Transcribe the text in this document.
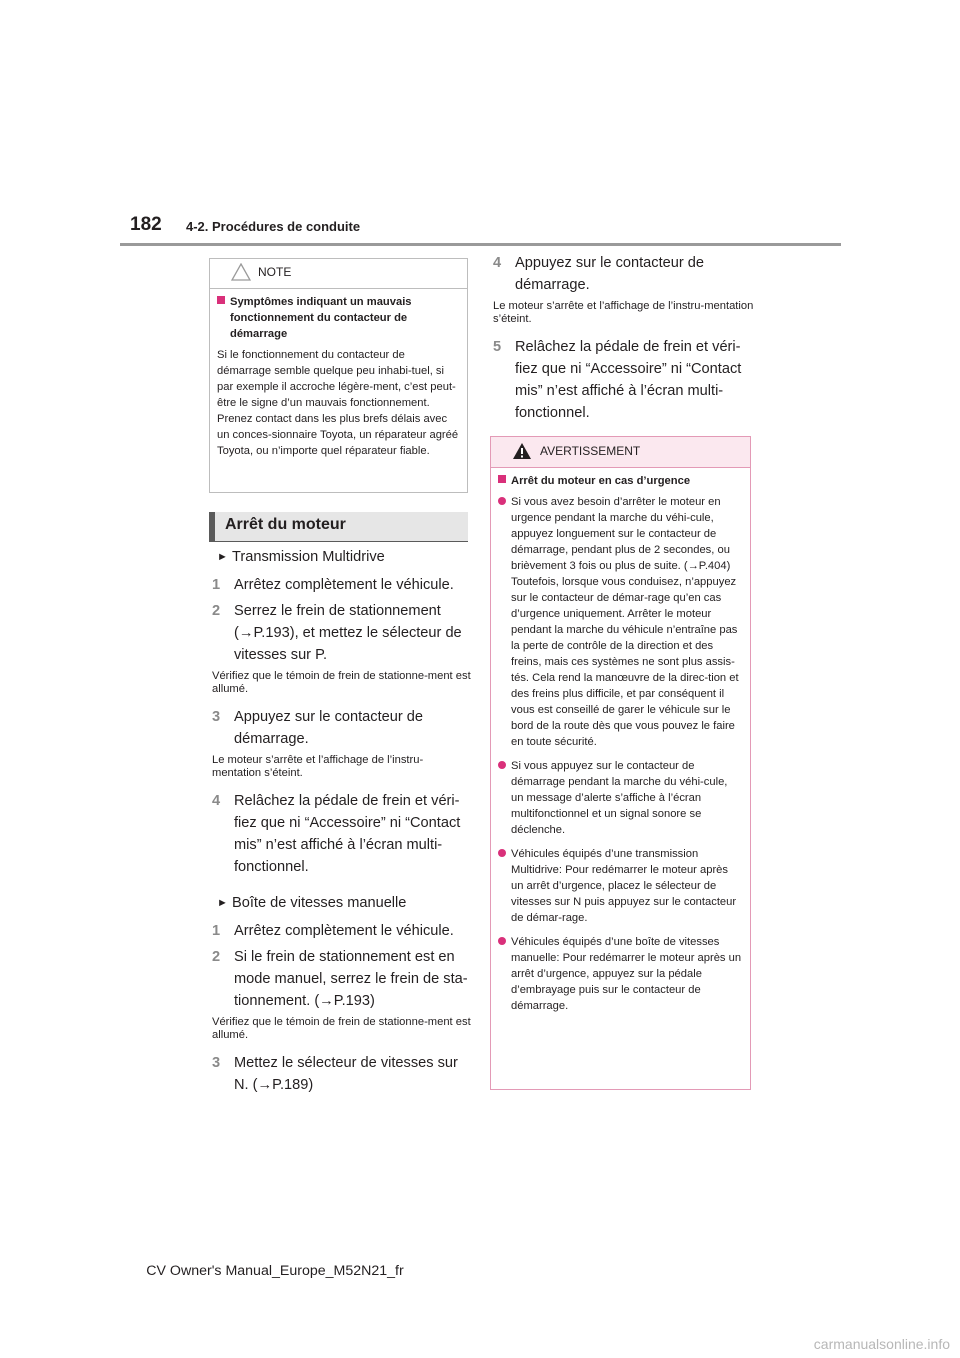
182 4-2. Procédures de conduite
NOTE
Symptômes indiquant un mauvais fonctionnement du contacteur de démarrage
Si le fonctionnement du contacteur de démarrage semble quelque peu inhabi-tuel, si par exemple il accroche légère-ment, c’est peut-être le signe d’un mauvais fonctionnement. Prenez contact dans les plus brefs délais avec un conces-sionnaire Toyota, un réparateur agréé Toyota, ou n’importe quel réparateur fiable.
Arrêt du moteur
► Transmission Multidrive
1 Arrêtez complètement le véhicule.
2 Serrez le frein de stationnement (→P.193), et mettez le sélecteur de vitesses sur P.
Vérifiez que le témoin de frein de stationne-ment est allumé.
3 Appuyez sur le contacteur de démarrage.
Le moteur s’arrête et l’affichage de l’instru-mentation s’éteint.
4 Relâchez la pédale de frein et véri-fiez que ni “Accessoire” ni “Contact mis” n’est affiché à l’écran multi-fonctionnel.
► Boîte de vitesses manuelle
1 Arrêtez complètement le véhicule.
2 Si le frein de stationnement est en mode manuel, serrez le frein de sta-tionnement. (→P.193)
Vérifiez que le témoin de frein de stationne-ment est allumé.
3 Mettez le sélecteur de vitesses sur N. (→P.189)
4 Appuyez sur le contacteur de démarrage.
Le moteur s’arrête et l’affichage de l’instru-mentation s’éteint.
5 Relâchez la pédale de frein et véri-fiez que ni “Accessoire” ni “Contact mis” n’est affiché à l’écran multi-fonctionnel.
AVERTISSEMENT
Arrêt du moteur en cas d’urgence
Si vous avez besoin d’arrêter le moteur en urgence pendant la marche du véhi-cule, appuyez longuement sur le contacteur de démarrage, pendant plus de 2 secondes, ou brièvement 3 fois ou plus de suite. (→P.404) Toutefois, lorsque vous conduisez, n’appuyez sur le contacteur de démar-rage qu’en cas d’urgence uniquement. Arrêter le moteur pendant la marche du véhicule n’entraîne pas la perte de contrôle de la direction et des freins, mais ces systèmes ne sont plus assis-tés. Cela rend la manœuvre de la direc-tion et des freins plus difficile, et par conséquent il vous est conseillé de garer le véhicule sur le bord de la route dès que vous pouvez le faire en toute sécurité.
Si vous appuyez sur le contacteur de démarrage pendant la marche du véhi-cule, un message d’alerte s’affiche à l’écran multifonctionnel et un signal sonore se déclenche.
Véhicules équipés d’une transmission Multidrive: Pour redémarrer le moteur après un arrêt d’urgence, placez le sélecteur de vitesses sur N puis appuyez sur le contacteur de démar-rage.
Véhicules équipés d’une boîte de vitesses manuelle: Pour redémarrer le moteur après un arrêt d’urgence, appuyez sur la pédale d’embrayage puis sur le contacteur de démarrage.
CV Owner's Manual_Europe_M52N21_fr
carmanualsonline.info
